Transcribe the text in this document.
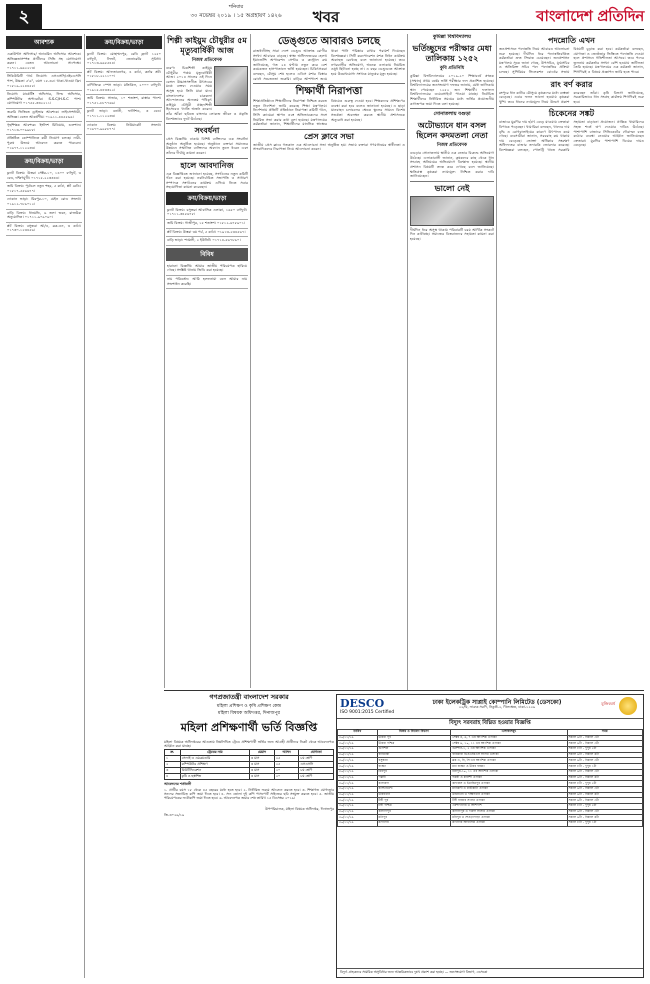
২	শনিবার
৩০ নভেম্বর ২০১৯ । ১৫ অগ্রহায়ণ ১৪২৬	খবর	বাংলাদেশ প্রতিদিন
আবশ্যক
একাউন্টস অফিসার/ অ্যাডমিন অফিসার আবশ্যক। অভিজ্ঞতাসম্পন্ন প্রার্থীদের সিভি সহ যোগাযোগ করুন। বেতন আলোচনা সাপেক্ষে। ০১৭১১-৬৬২২১৩।
সিকিউরিটি গার্ড নিয়োগ: এসএসসি/এইচএসসি পাশ, উচ্চতা ৫'৬", বয়স ১৮-৩৫। থাকা-খাওয়া ফ্রি। ০১৮১৯-২২৪৪৫৫।
নিয়োগ: মার্কেটিং অফিসার, ফিল্ড অফিসার, কম্পিউটার অপারেটর। S.S.C/H.S.C পাশ। যোগাযোগ ০১৭৫৫-৩৩২২১১।
জরুরি ভিত্তিতে ড্রাইভার আবশ্যক। লাইসেন্সধারী, অভিজ্ঞ। বেতন আকর্ষণীয়। ০১৯১১-৪৪৫৫৬৬।
গৃহশিক্ষক আবশ্যক: ইংলিশ মিডিয়াম, গুলশান। ০১৭১৩-০০৯৯৮৮।
প্রতিষ্ঠিত কোম্পানিতে কর্মী নিয়োগ চলছে। নারী-পুরুষ উভয়ে আবেদন করতে পারবেন। ০১৬৭৭-১১২২৩৩।
ক্রয়/বিক্রয়/ভাড়া
ফ্ল্যাট বিক্রয়: উত্তরা সেক্টর-১০, ১৪০০ বর্গফুট, ৩ বেড, দক্ষিণমুখী। ০১৭১৫-২২৩৩৪৪।
জমি বিক্রয়: পূর্বাচল নতুন শহর, ৫ কাঠা, প্লট রেডি। ০১৮১৭-৫৫৬৬৭৭।
দোকান ভাড়া: মিরপুর-১০, মেইন রোড সংলগ্ন। ০১৯১২-৭৮৯০১২।
বাড়ি বিক্রয়: ধানমন্ডি, ৬ তলা ভবন, রাজউক অনুমোদিত। ০১৭১১-৯০৯০৯০।
প্লট বিক্রয়: বসুন্ধরা আ/এ, ব্লক-এন, ৩ কাঠা। ০১৭৩০-১২৩৪৫৬।
ক্রয়/বিক্রয়/ভাড়া
ফ্ল্যাট বিক্রয়: মোহাম্মদপুর, রেডি ফ্ল্যাট ১২৫০ বর্গফুট, লিফট, জেনারেটর সুবিধা। ০১৭১৩-৬৬৫৫৪৪।
প্লট বিক্রয়: আফতাবনগর, ৪ কাঠা, কর্নার প্লট। ০১৮১৮-২২১১০০।
বাণিজ্যিক স্পেস ভাড়া: মতিঝিল, ২০০০ বর্গফুট। ০১৯১৫-৪৪৩৩২২।
জমি বিক্রয়: সাভার, ১০ শতাংশ, রাস্তার পাশে। ০১৭৫১-৮৮৭৭৬৬।
ফ্ল্যাট ভাড়া: বনানী, ফার্নিশড, ৩ বেড। ০১৭১১-১১২২৩৩।
দোকান বিক্রয়: নিউমার্কেট সংলগ্ন। ০১৬৭০-৯৯৮৮৭৭।
শিল্পী কাইয়ুম চৌধুরীর ৫ম মৃত্যুবার্ষিকী আজ
নিজস্ব প্রতিবেদক
বরেণ্য চিত্রশিল্পী কাইয়ুম চৌধুরীর পঞ্চম মৃত্যুবার্ষিকী আজ। ২০১৪ সালের এই দিনে বেঙ্গল উচ্চাঙ্গসংগীত উৎসবের মঞ্চে বক্তব্য দেওয়ার সময় অসুস্থ হয়ে তিনি মারা যান। বাংলাদেশের চারুকলা আন্দোলনের অন্যতম পথিকৃৎ কাইয়ুম চৌধুরী প্রচ্ছদশিল্পী হিসেবেও খ্যাতি অর্জন করেন। তাঁর আঁকা ছবিতে বাংলার লোকজ জীবন ও প্রকৃতি বিশেষভাবে ফুটে উঠেছে।
সংবর্ধনা
প্রেস বিজ্ঞপ্তি: ঢাকায় বিশিষ্ট ব্যক্তিদের এক সংবর্ধনা অনুষ্ঠান অনুষ্ঠিত হয়েছে। অনুষ্ঠানে বক্তারা সমাজের উন্নয়নে সম্মানিত ব্যক্তিদের অবদান তুলে ধরেন এবং তাঁদের দীর্ঘায়ু কামনা করেন।
হালে আবদানিজ
এক বিজ্ঞপ্তিতে জানানো হয়েছে, সংগঠনের নতুন কমিটি গঠন করা হয়েছে। নবনির্বাচিত সভাপতি ও সাধারণ সম্পাদক সংগঠনের কার্যক্রম এগিয়ে নিতে সবার সহযোগিতা কামনা করেছেন।
ক্রয়/বিক্রয়/ভাড়া
ফ্ল্যাট বিক্রয়: বসুন্ধরা আবাসিক এলাকা, ১৬৫০ বর্গফুট। ০১৭১১-৩৪৫৬৭৮।
জমি বিক্রয়: গাজীপুর, ১৫ শতাংশ। ০১৮১২-৬৭৮৯০১।
প্লট বিক্রয়: উত্তরা ৩য় পর্ব, ৫ কাঠা। ০১৯১৩-২৩৪৫৬৭।
বাড়ি ভাড়া: শ্যামলী, ২ ইউনিট। ০১৭১৪-৫৬৭৮৯০।
বিবিধ
হারানো বিজ্ঞপ্তি: আমার জাতীয় পরিচয়পত্র হারিয়ে গেছে। সংশ্লিষ্ট থানায় জিডি করা হয়েছে।
নাম পরিবর্তন: আমি হলফনামা বলে আমার নাম সংশোধন করেছি।
ডেঙ্গুতে আবারও চলছে
রাজধানীসহ সারা দেশে ডেঙ্গু আক্রান্ত রোগীর সংখ্যা আবারও বাড়ছে। স্বাস্থ্য অধিদফতরের হেলথ ইমার্জেন্সি অপারেশন সেন্টার ও কন্ট্রোল রুম জানিয়েছে, গত ২৪ ঘণ্টায় নতুন করে বেশ কয়েকজন হাসপাতালে ভর্তি হয়েছেন। চিকিৎসকরা বলছেন, মৌসুম শেষ হলেও এডিস মশার বিস্তার রোধে সচেতনতা জরুরি। বাড়ির আশপাশে জমে থাকা পানি পরিষ্কার রাখার পরামর্শ দিয়েছেন বিশেষজ্ঞরা। সিটি করপোরেশন মশক নিধন কার্যক্রম অব্যাহত রেখেছে বলে জানানো হয়েছে। তবে নগরবাসীর অভিযোগ, অনেক এলাকায় নিয়মিত ওষুধ ছিটানো হচ্ছে না। এ বছর ডেঙ্গুতে আক্রান্ত হয়ে উল্লেখযোগ্য সংখ্যক মানুষের মৃত্যু হয়েছে।
শিক্ষার্থী নিরাপত্তা
শিক্ষাপ্রতিষ্ঠানে শিক্ষার্থীদের নিরাপত্তা নিশ্চিত করতে নতুন নির্দেশনা জারি করেছে শিক্ষা মন্ত্রণালয়। নির্দেশনায় প্রতিটি প্রতিষ্ঠানে নিরাপত্তা কমিটি গঠন, সিসি ক্যামেরা স্থাপন এবং অভিভাবকদের সঙ্গে নিয়মিত সভা করার কথা বলা হয়েছে। মন্ত্রণালয়ের কর্মকর্তারা জানান, শিক্ষার্থীদের মানসিক স্বাস্থ্যের বিষয়েও গুরুত্ব দেওয়া হবে। শিক্ষকদের প্রশিক্ষণের ব্যবস্থা করা হবে বলেও জানানো হয়েছে। এ ছাড়া যানবাহন চলাচলের ক্ষেত্রে স্কুলের সামনে বিশেষ সতর্কতা অবলম্বন করতে স্থানীয় প্রশাসনকে অনুরোধ করা হয়েছে।
প্রেস ক্লাবে সভা
জাতীয় প্রেস ক্লাবে গতকাল এক আলোচনা সভা অনুষ্ঠিত হয়। সভায় বক্তারা গণমাধ্যমের স্বাধীনতা ও সাংবাদিকদের নিরাপত্তা নিয়ে আলোচনা করেন।
কুমিল্লা বিশ্ববিদ্যালয়
ভর্তিচ্ছুদের পরীক্ষার মেধা তালিকায় ১২৫২
কুবি প্রতিনিধি
কুমিল্লা বিশ্ববিদ্যালয়ের ২০১৯-২০ শিক্ষাবর্ষে স্নাতক (সম্মান) প্রথম বর্ষের ভর্তি পরীক্ষার ফল প্রকাশিত হয়েছে। বিশ্ববিদ্যালয়ের জনসংযোগ দফতর জানায়, মেধা তালিকায় স্থান পেয়েছেন ১২৫২ জন শিক্ষার্থী। ফলাফল বিশ্ববিদ্যালয়ের ওয়েবসাইটে পাওয়া যাচ্ছে। নির্বাচিত শিক্ষার্থীদের নির্ধারিত সময়ের মধ্যে ভর্তির প্রয়োজনীয় কাগজপত্র জমা দিতে বলা হয়েছে।
সোনাতলায় বগুড়া
অটোভ্যানে ধান বসল ছিলেন কদমতলা নেতা
নিজস্ব প্রতিবেদক
বগুড়ার সোনাতলায় স্থানীয় এক নেতার বিরুদ্ধে অভিযোগ উঠেছে। এলাকাবাসী জানান, কৃষকদের কাছ থেকে ধান সংগ্রহে অনিয়মের অভিযোগে বিক্ষোভ হয়েছে। স্থানীয় প্রশাসন বিষয়টি তদন্ত করে দেখছে বলে জানিয়েছে। ক্ষতিগ্রস্ত কৃষকরা ন্যায্যমূল্য নিশ্চিত করার দাবি জানিয়েছেন।
ভালো নেই
দীর্ঘদিন ধরে অসুস্থ থাকায় পরিবারটি চরম আর্থিক সংকটে দিন কাটাচ্ছে। সমাজের বিত্তবানদের সহায়তা কামনা করা হয়েছে।
পদন্নোতি এখন
জনপ্রশাসনে পদোন্নতি নিয়ে আবারও আলোচনা শুরু হয়েছে। দীর্ঘদিন ধরে পদোন্নতিবঞ্চিত কর্মকর্তারা দ্রুত সিদ্ধান্ত চেয়েছেন। জনপ্রশাসন মন্ত্রণালয় সূত্রে জানা গেছে, উপসচিব, যুগ্মসচিব ও অতিরিক্ত সচিব পদে পদোন্নতির প্রক্রিয়া চলছে। সুপিরিয়র সিলেকশন বোর্ডের সভায় বিষয়টি চূড়ান্ত করা হবে। কর্মকর্তারা বলছেন, যোগ্যতা ও জ্যেষ্ঠতার ভিত্তিতে পদোন্নতি দেওয়া হলে প্রশাসনে গতিশীলতা আসবে। তবে পদের তুলনায় কর্মকর্তার সংখ্যা বেশি হওয়ায় জটিলতা তৈরি হয়েছে। মন্ত্রণালয়ের এক কর্মকর্তা জানান, শিগগিরই এ বিষয়ে প্রজ্ঞাপন জারি হতে পারে।
রাং বর্ণ করার
রংপুরে ধান কাটার মৌসুমে কৃষকদের মধ্যে ব্যস্ততা বেড়েছে। এবার ফলন ভালো হওয়ায় কৃষকরা খুশি। তবে ধানের ন্যায্যমূল্য নিয়ে উদ্বেগ প্রকাশ করেছেন তাঁরা। কৃষি বিভাগ জানিয়েছে, সরকারিভাবে ধান সংগ্রহ কার্যক্রম শিগগিরই শুরু হবে।
চিকেনের সঙ্কট
বাজারে মুরগির দাম হঠাৎ বেড়ে যাওয়ায় ক্রেতারা বিপাকে পড়েছেন। খামারিরা বলছেন, খাদ্যের দাম বৃদ্ধি ও রোগবালাইয়ের কারণে উৎপাদন কমে গেছে। ব্যবসায়ীরা জানান, সরবরাহ কম থাকায় দাম বেড়েছে। ভোক্তা অধিকার সংরক্ষণ অধিদফতর বাজার তদারকি জোরদার করেছে। বিশেষজ্ঞরা বলছেন, পোলট্রি খাতে সরকারি সহায়তা বাড়ানো প্রয়োজন। প্রান্তিক খামারিদের সহজ শর্তে ঋণ দেওয়ার দাবিও উঠেছে। পাশাপাশি বাজারে সিন্ডিকেটের দৌরাত্ম্য বন্ধে কঠোর ব্যবস্থা নেওয়ার আহ্বান জানিয়েছেন ক্রেতারা। মুরগির পাশাপাশি ডিমের দামও বেড়েছে।
গণপ্রজাতন্ত্রী বাংলাদেশ সরকার
মহিলা প্রশিক্ষণ ও কৃষি প্রশিক্ষণ কেন্দ্র
মহিলা বিষয়ক অধিদপ্তর, দিনাজপুর
মহিলা প্রশিক্ষণার্থী ভর্তি বিজ্ঞপ্তি
মহিলা বিষয়ক অধিদপ্তরের আওতায় নিম্নলিখিত ট্রেডে প্রশিক্ষণার্থী ভর্তির জন্য আগ্রহী প্রার্থীদের নিকট থেকে আবেদনপত্র আহ্বান করা যাচ্ছে।
ক্র.	ট্রেডের নাম	মেয়াদ	আসন	যোগ্যতা
১	সেলাই ও এমব্রয়ডারি	৩ মাস	২৫	৮ম শ্রেণি
২	কম্পিউটার প্রশিক্ষণ	৩ মাস	২৫	এসএসসি
৩	বিউটিফিকেশন	৩ মাস	২০	৮ম শ্রেণি
৪	কৃষি ও হস্তশিল্প	৩ মাস	২০	৮ম শ্রেণি
আবেদনের শর্তাবলী
১. প্রার্থীর বয়স ১৮ থেকে ৪৫ বছরের মধ্যে হতে হবে। ২. নির্ধারিত ফরমে আবেদন করতে হবে। ৩. শিক্ষাগত যোগ্যতার সনদের সত্যায়িত কপি জমা দিতে হবে। ৪. সদ্য তোলা দুই কপি পাসপোর্ট সাইজের ছবি সংযুক্ত করতে হবে। ৫. জাতীয় পরিচয়পত্রের ফটোকপি জমা দিতে হবে। ৬. আবেদনপত্র জমার শেষ তারিখ ১৫ ডিসেম্বর ২০১৯।
উপপরিচালক, মহিলা বিষয়ক অধিদপ্তর, দিনাজপুর
জি-৩০২৯/১৯
DESCO
ISO 9001:2015 Certified
ঢাকা ইলেকট্রিক সাপ্লাই কোম্পানি লিমিটেড (ডেসকো)
২২/বি, ফারুক সরণি, নিকুঞ্জ-২, খিলক্ষেত, ঢাকা-১২২৯
মুজিববর্ষ
বিদ্যুৎ সরবরাহ বিঘ্নিত হওয়ার বিজ্ঞপ্তি
তারিখ	বিক্রয় ও বিতরণ বিভাগ	এলাকাসমূহ	সময়
৩০/১১/১৯	উত্তরা পূর্ব	সেক্টর ৪, ৬, ৭ এর আংশিক এলাকা	সকাল ৯টা - বিকাল ৩টা
৩০/১১/১৯	উত্তরা পশ্চিম	সেক্টর ৯, ১০, ১১ এর আংশিক এলাকা	সকাল ৯টা - বিকাল ৩টা
৩০/১১/১৯	গুলশান	গুলশান-১, ২ এর আংশিক এলাকা	সকাল ৮টা - দুপুর ২টা
৩০/১১/১৯	বারিধারা	বারিধারা ডিওএইচএস সংলগ্ন এলাকা	সকাল ৯টা - বিকাল ৪টা
৩০/১১/১৯	বসুন্ধরা	ব্লক এ, বি, সি এর আংশিক এলাকা	সকাল ৯টা - বিকাল ৩টা
৩০/১১/১৯	বাড্ডা	মধ্য বাড্ডা ও উত্তর বাড্ডা	সকাল ৮টা - দুপুর ১টা
৩০/১১/১৯	মিরপুর	মিরপুর-১০, ১১ এর আংশিক এলাকা	সকাল ৯টা - বিকাল ৩টা
৩০/১১/১৯	পল্লবী	পল্লবী ও কালশী এলাকা	সকাল ৯টা - বিকাল ৪টা
৩০/১১/১৯	কাফরুল	কাফরুল ও ইব্রাহিমপুর এলাকা	সকাল ৮টা - দুপুর ২টা
৩০/১১/১৯	ক্যান্টনমেন্ট	মানিকদী ও মাটিকাটা এলাকা	সকাল ৯টা - বিকাল ৩টা
৩০/১১/১৯	উত্তরখান	উত্তরখান ও দক্ষিণখান এলাকা	সকাল ৯টা - বিকাল ৪টা
৩০/১১/১৯	টঙ্গী পূর্ব	টঙ্গী বাজার সংলগ্ন এলাকা	সকাল ৯টা - বিকাল ৩টা
৩০/১১/১৯	টঙ্গী পশ্চিম	এরশাদনগর ও আশপাশ	সকাল ৮টা - দুপুর ২টা
৩০/১১/১৯	কল্যাণপুর	কল্যাণপুর ও দারুস সালাম এলাকা	সকাল ৯টা - বিকাল ৩টা
৩০/১১/১৯	মনিপুর	মনিপুর ও শেওড়াপাড়া এলাকা	সকাল ৯টা - বিকাল ৪টা
৩০/১১/১৯	রূপনগর	রূপনগর আবাসিক এলাকা	সকাল ৮টা - দুপুর ১টা
বিদ্যুৎ গ্রাহকদের সাময়িক অসুবিধার জন্য আন্তরিকভাবে দুঃখ প্রকাশ করা হচ্ছে। — জনসংযোগ বিভাগ, ডেসকো
